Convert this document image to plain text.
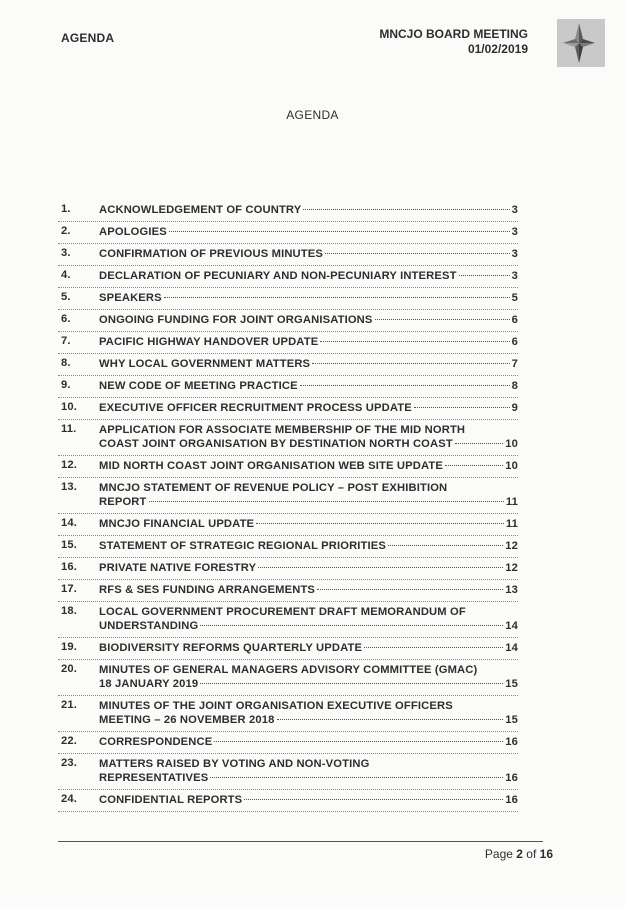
AGENDA	MNCJO BOARD MEETING
01/02/2019
AGENDA
1.	ACKNOWLEDGEMENT OF COUNTRY	3
2.	APOLOGIES	3
3.	CONFIRMATION OF PREVIOUS MINUTES	3
4.	DECLARATION OF PECUNIARY AND NON-PECUNIARY INTEREST	3
5.	SPEAKERS	5
6.	ONGOING FUNDING FOR JOINT ORGANISATIONS	6
7.	PACIFIC HIGHWAY HANDOVER UPDATE	6
8.	WHY LOCAL GOVERNMENT MATTERS	7
9.	NEW CODE OF MEETING PRACTICE	8
10.	EXECUTIVE OFFICER RECRUITMENT PROCESS UPDATE	9
11.	APPLICATION FOR ASSOCIATE MEMBERSHIP OF THE MID NORTH
COAST JOINT ORGANISATION BY DESTINATION NORTH COAST	10
12.	MID NORTH COAST JOINT ORGANISATION WEB SITE UPDATE	10
13.	MNCJO STATEMENT OF REVENUE POLICY – POST EXHIBITION
REPORT	11
14.	MNCJO FINANCIAL UPDATE	11
15.	STATEMENT OF STRATEGIC REGIONAL PRIORITIES	12
16.	PRIVATE NATIVE FORESTRY	12
17.	RFS & SES FUNDING ARRANGEMENTS	13
18.	LOCAL GOVERNMENT PROCUREMENT DRAFT MEMORANDUM OF
UNDERSTANDING	14
19.	BIODIVERSITY REFORMS QUARTERLY UPDATE	14
20.	MINUTES OF GENERAL MANAGERS ADVISORY COMMITTEE (GMAC)
18 JANUARY 2019	15
21.	MINUTES OF THE JOINT ORGANISATION EXECUTIVE OFFICERS
MEETING – 26 NOVEMBER 2018	15
22.	CORRESPONDENCE	16
23.	MATTERS RAISED BY VOTING AND NON-VOTING
REPRESENTATIVES	16
24.	CONFIDENTIAL REPORTS	16
Page 2 of 16
